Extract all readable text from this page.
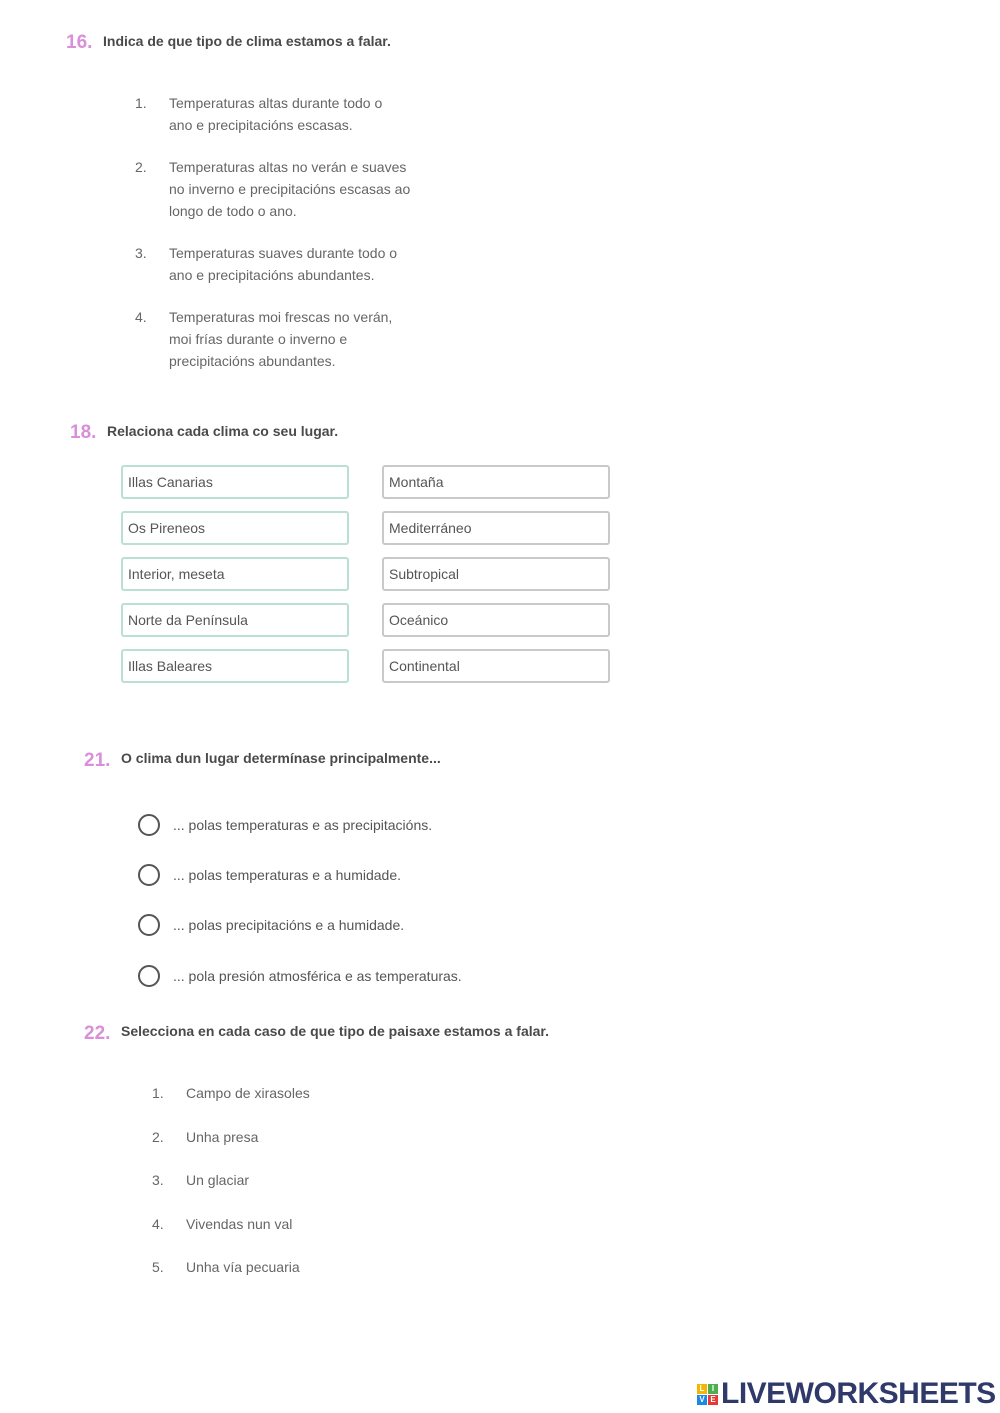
16. Indica de que tipo de clima estamos a falar.
1.	Temperaturas altas durante todo o
ano e precipitacións escasas.
2.	Temperaturas altas no verán e suaves
no inverno e precipitacións escasas ao
longo de todo o ano.
3.	Temperaturas suaves durante todo o
ano e precipitacións abundantes.
4.	Temperaturas moi frescas no verán,
moi frías durante o inverno e
precipitacións abundantes.
18. Relaciona cada clima co seu lugar.
Illas Canarias
Os Pireneos
Interior, meseta
Norte da Península
Illas Baleares
Montaña
Mediterráneo
Subtropical
Oceánico
Continental
21. O clima dun lugar determínase principalmente...
... polas temperaturas e as precipitacións.
... polas temperaturas e a humidade.
... polas precipitacións e a humidade.
... pola presión atmosférica e as temperaturas.
22. Selecciona en cada caso de que tipo de paisaxe estamos a falar.
1.	Campo de xirasoles
2.	Unha presa
3.	Un glaciar
4.	Vivendas nun val
5.	Unha vía pecuaria
L I
V E LIVEWORKSHEETS
